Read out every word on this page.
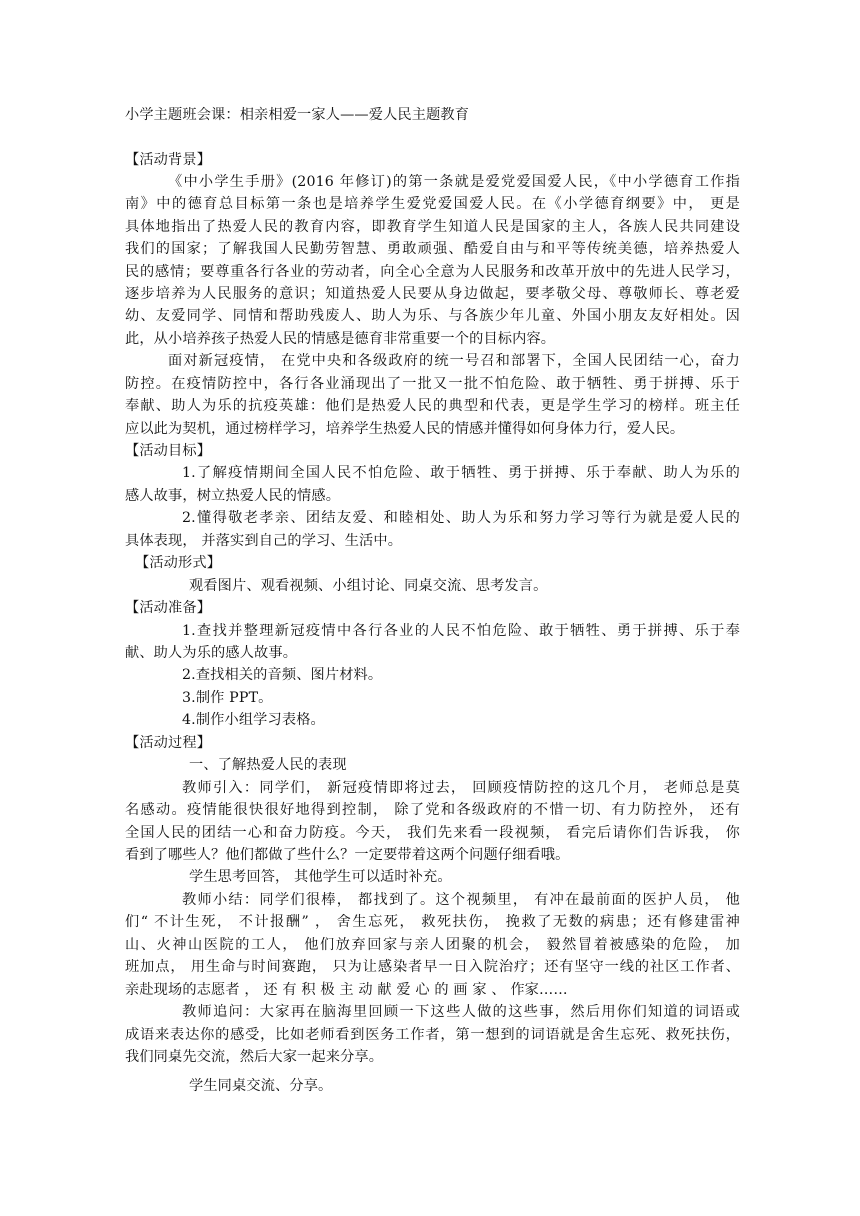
小学主题班会课：相亲相爱一家人——爱人民主题教育
【活动背景】
《中小学生手册》(2016 年修订)的第一条就是爱党爱国爱人民，《中小学德育工作指
南》中的德育总目标第一条也是培养学生爱党爱国爱人民。在《小学德育纲要》中， 更是
具体地指出了热爱人民的教育内容，即教育学生知道人民是国家的主人，各族人民共同建设
我们的国家；了解我国人民勤劳智慧、勇敢顽强、酷爱自由与和平等传统美德，培养热爱人
民的感情；要尊重各行各业的劳动者，向全心全意为人民服务和改革开放中的先进人民学习，
逐步培养为人民服务的意识；知道热爱人民要从身边做起，要孝敬父母、尊敬师长、尊老爱
幼、友爱同学、同情和帮助残废人、助人为乐、与各族少年儿童、外国小朋友友好相处。因
此，从小培养孩子热爱人民的情感是德育非常重要一个的目标内容。
面对新冠疫情， 在党中央和各级政府的统一号召和部署下，全国人民团结一心，奋力
防控。在疫情防控中，各行各业涌现出了一批又一批不怕危险、敢于牺牲、勇于拼搏、乐于
奉献、助人为乐的抗疫英雄：他们是热爱人民的典型和代表，更是学生学习的榜样。班主任
应以此为契机，通过榜样学习，培养学生热爱人民的情感并懂得如何身体力行，爱人民。
【活动目标】
1.了解疫情期间全国人民不怕危险、敢于牺牲、勇于拼搏、乐于奉献、助人为乐的
感人故事，树立热爱人民的情感。
2.懂得敬老孝亲、团结友爱、和睦相处、助人为乐和努力学习等行为就是爱人民的
具体表现， 并落实到自己的学习、生活中。
【活动形式】
观看图片、观看视频、小组讨论、同桌交流、思考发言。
【活动准备】
1.查找并整理新冠疫情中各行各业的人民不怕危险、敢于牺牲、勇于拼搏、乐于奉
献、助人为乐的感人故事。
2.查找相关的音频、图片材料。
3.制作 PPT。
4.制作小组学习表格。
【活动过程】
一、了解热爱人民的表现
教师引入：同学们， 新冠疫情即将过去， 回顾疫情防控的这几个月， 老师总是莫
名感动。疫情能很快很好地得到控制， 除了党和各级政府的不惜一切、有力防控外， 还有
全国人民的团结一心和奋力防疫。今天， 我们先来看一段视频， 看完后请你们告诉我， 你
看到了哪些人？他们都做了些什么？一定要带着这两个问题仔细看哦。
学生思考回答， 其他学生可以适时补充。
教师小结：同学们很棒， 都找到了。这个视频里， 有冲在最前面的医护人员， 他
们“ 不计生死， 不计报酬” ， 舍生忘死， 救死扶伤， 挽救了无数的病患；还有修建雷神
山、火神山医院的工人， 他们放弃回家与亲人团聚的机会， 毅然冒着被感染的危险， 加
班加点， 用生命与时间赛跑， 只为让感染者早一日入院治疗；还有坚守一线的社区工作者、
亲赴现场的志愿者 ， 还 有 积 极 主 动 献 爱 心 的 画 家 、 作家……
教师追问：大家再在脑海里回顾一下这些人做的这些事，然后用你们知道的词语或
成语来表达你的感受，比如老师看到医务工作者，第一想到的词语就是舍生忘死、救死扶伤，
我们同桌先交流，然后大家一起来分享。
学生同桌交流、分享。
